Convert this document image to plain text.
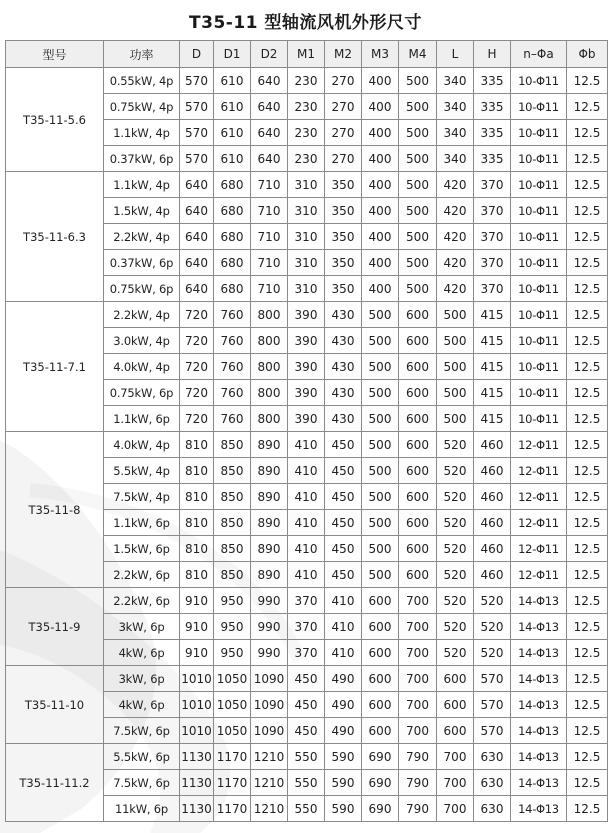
T35-11 型轴流风机外形尺寸
型号	功率	D	D1	D2	M1	M2	M3	M4	L	H	n–Φa	Φb
T35-11-5.6	0.55kW, 4p	570	610	640	230	270	400	500	340	335	10-Φ11	12.5
	0.75kW, 4p	570	610	640	230	270	400	500	340	335	10-Φ11	12.5
	1.1kW, 4p	570	610	640	230	270	400	500	340	335	10-Φ11	12.5
	0.37kW, 6p	570	610	640	230	270	400	500	340	335	10-Φ11	12.5
T35-11-6.3	1.1kW, 4p	640	680	710	310	350	400	500	420	370	10-Φ11	12.5
	1.5kW, 4p	640	680	710	310	350	400	500	420	370	10-Φ11	12.5
	2.2kW, 4p	640	680	710	310	350	400	500	420	370	10-Φ11	12.5
	0.37kW, 6p	640	680	710	310	350	400	500	420	370	10-Φ11	12.5
	0.75kW, 6p	640	680	710	310	350	400	500	420	370	10-Φ11	12.5
T35-11-7.1	2.2kW, 4p	720	760	800	390	430	500	600	500	415	10-Φ11	12.5
	3.0kW, 4p	720	760	800	390	430	500	600	500	415	10-Φ11	12.5
	4.0kW, 4p	720	760	800	390	430	500	600	500	415	10-Φ11	12.5
	0.75kW, 6p	720	760	800	390	430	500	600	500	415	10-Φ11	12.5
	1.1kW, 6p	720	760	800	390	430	500	600	500	415	10-Φ11	12.5
T35-11-8	4.0kW, 4p	810	850	890	410	450	500	600	520	460	12-Φ11	12.5
	5.5kW, 4p	810	850	890	410	450	500	600	520	460	12-Φ11	12.5
	7.5kW, 4p	810	850	890	410	450	500	600	520	460	12-Φ11	12.5
	1.1kW, 6p	810	850	890	410	450	500	600	520	460	12-Φ11	12.5
	1.5kW, 6p	810	850	890	410	450	500	600	520	460	12-Φ11	12.5
	2.2kW, 6p	810	850	890	410	450	500	600	520	460	12-Φ11	12.5
T35-11-9	2.2kW, 6p	910	950	990	370	410	600	700	520	520	14-Φ13	12.5
	3kW, 6p	910	950	990	370	410	600	700	520	520	14-Φ13	12.5
	4kW, 6p	910	950	990	370	410	600	700	520	520	14-Φ13	12.5
T35-11-10	3kW, 6p	1010	1050	1090	450	490	600	700	600	570	14-Φ13	12.5
	4kW, 6p	1010	1050	1090	450	490	600	700	600	570	14-Φ13	12.5
	7.5kW, 6p	1010	1050	1090	450	490	600	700	600	570	14-Φ13	12.5
T35-11-11.2	5.5kW, 6p	1130	1170	1210	550	590	690	790	700	630	14-Φ13	12.5
	7.5kW, 6p	1130	1170	1210	550	590	690	790	700	630	14-Φ13	12.5
	11kW, 6p	1130	1170	1210	550	590	690	790	700	630	14-Φ13	12.5
